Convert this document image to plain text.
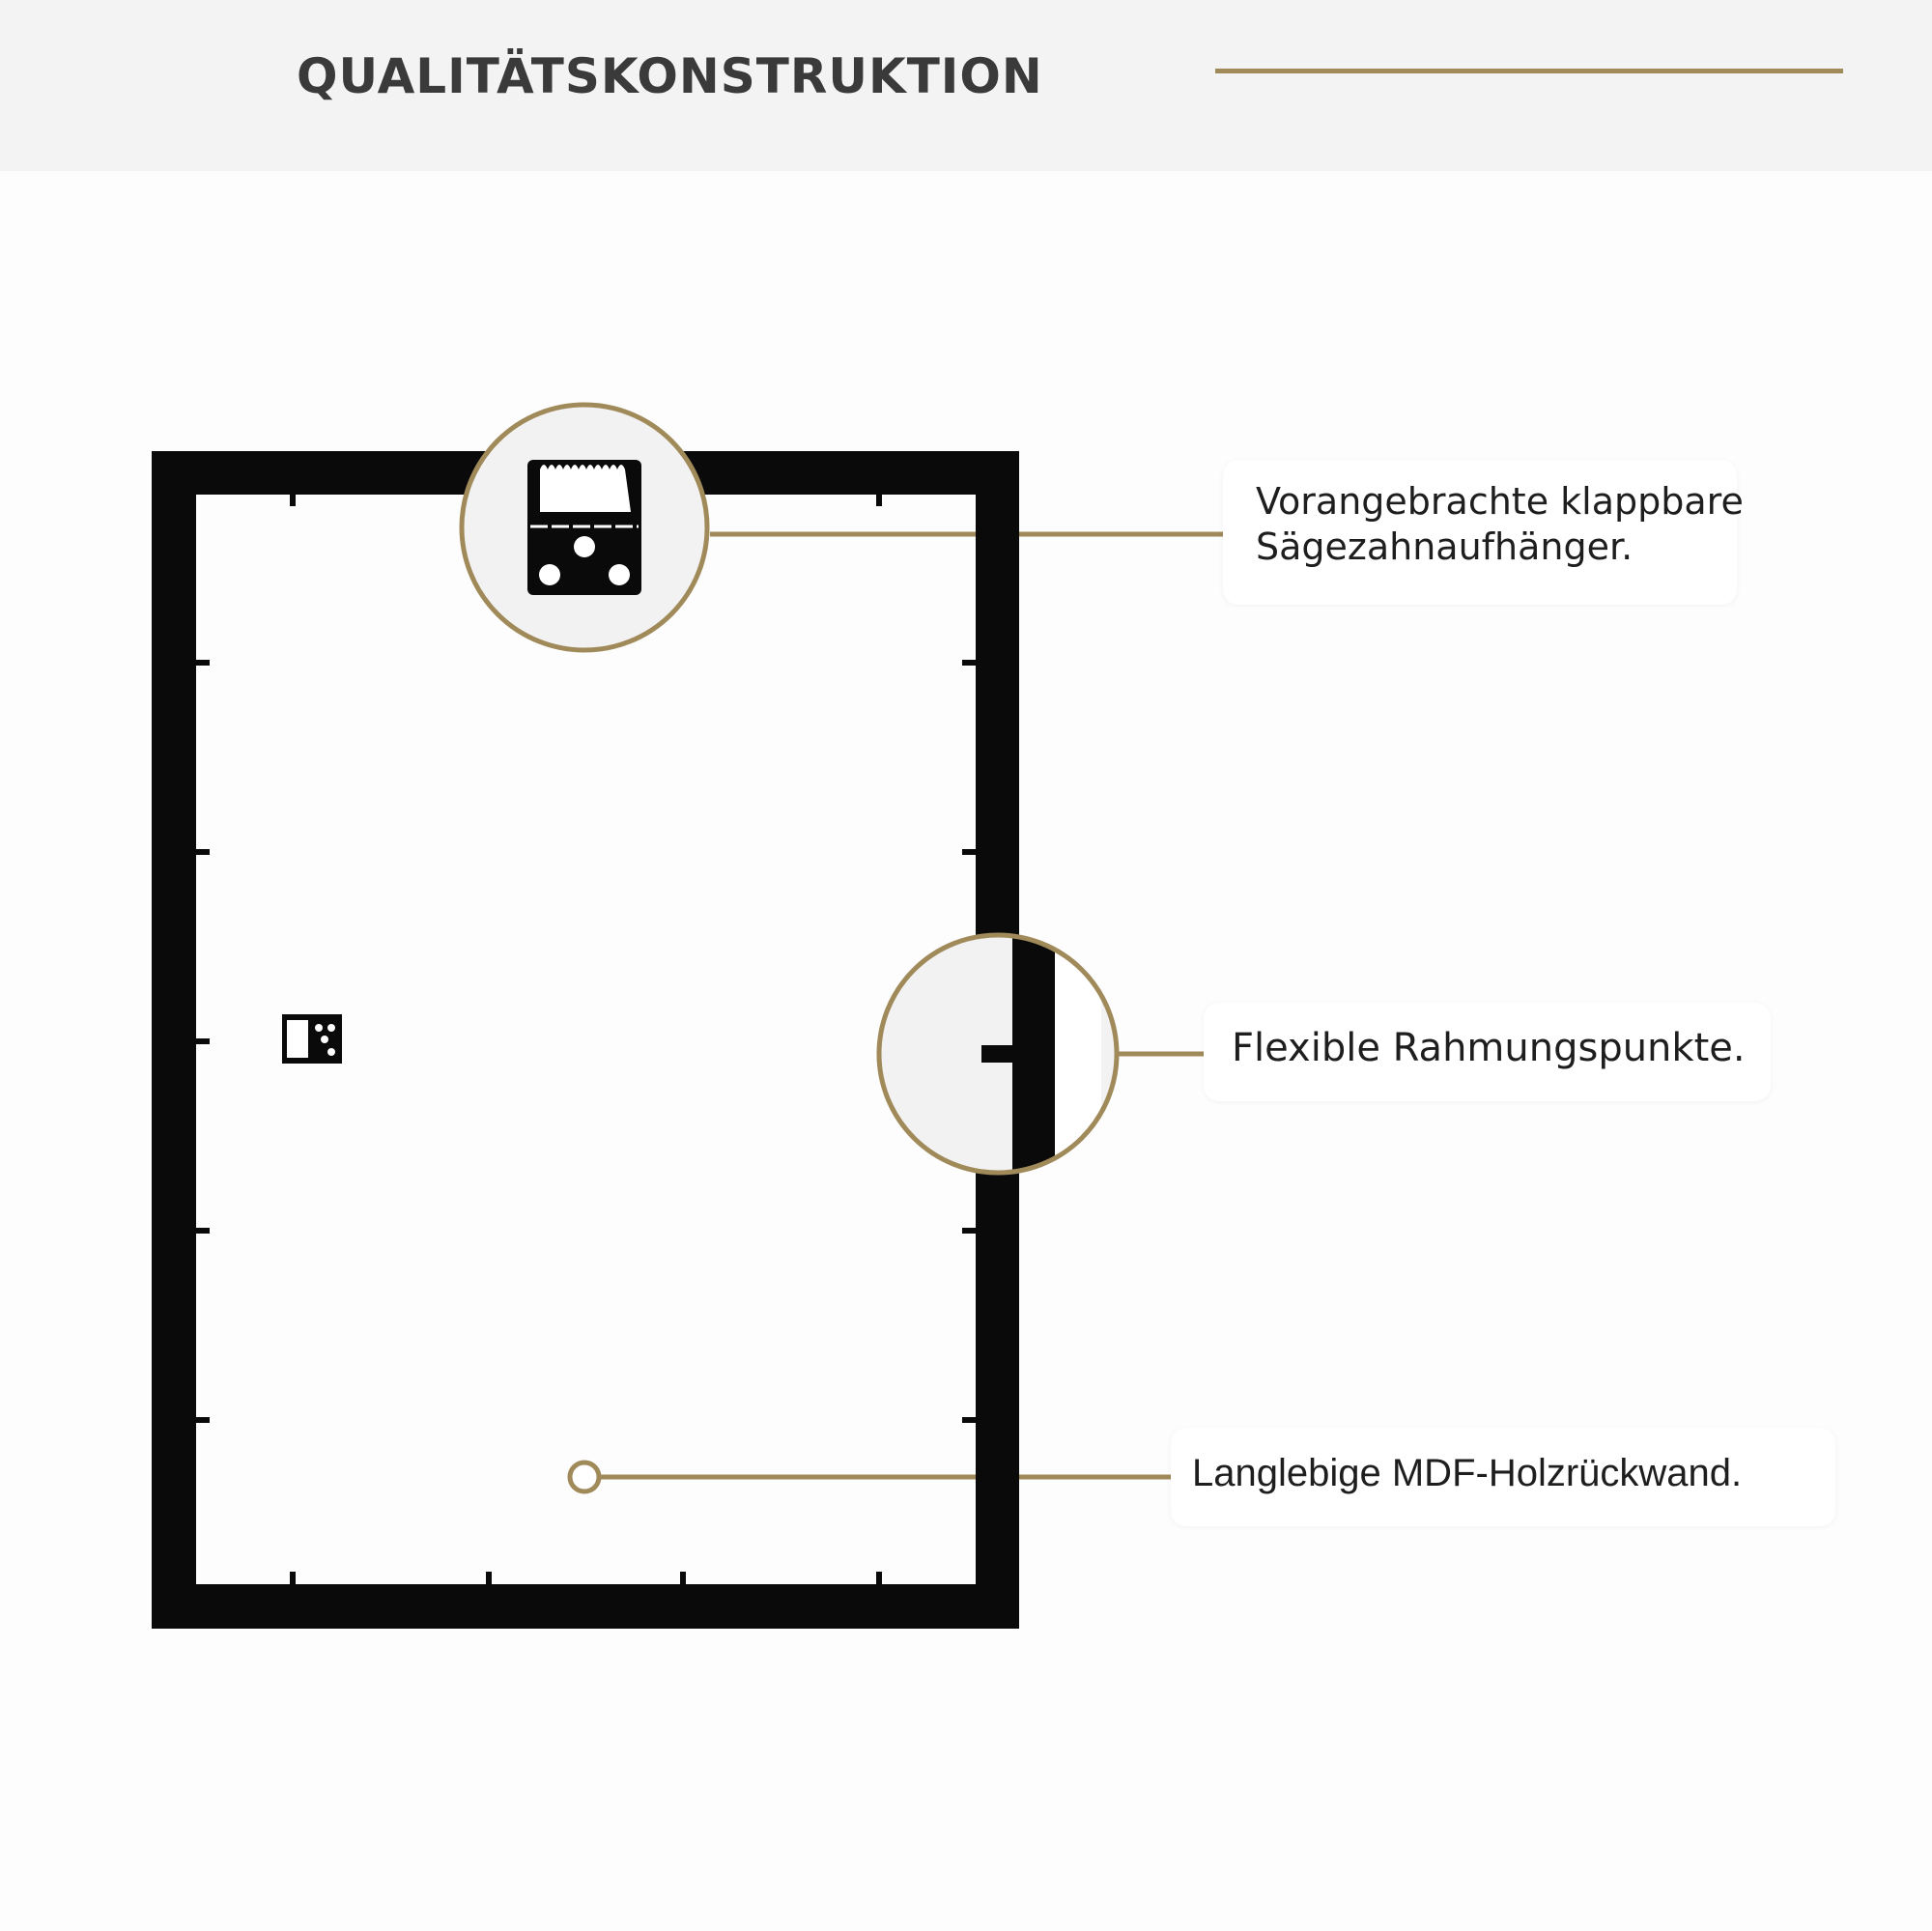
QUALITÄTSKONSTRUKTION
Vorangebrachte klappbare
Sägezahnaufhänger.
Flexible Rahmungspunkte.
Langlebige MDF-Holzrückwand.
